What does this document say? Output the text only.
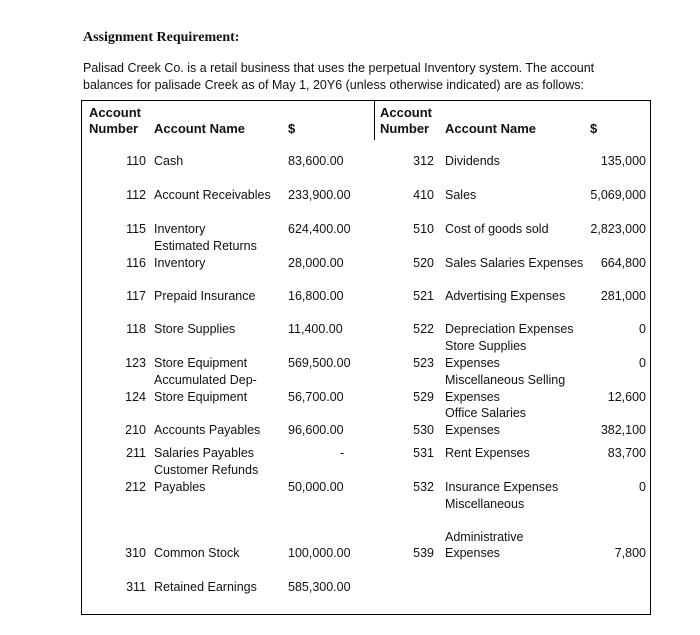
Assignment Requirement:
Palisad Creek Co. is a retail business that uses the perpetual Inventory system. The account balances for palisade Creek as of May 1, 20Y6 (unless otherwise indicated) are as follows:
Account
Number Account Name	$
Account
Number Account Name	$
110 Cash	83,600.00
112 Account Receivables 233,900.00
115 Inventory	624,400.00
Estimated Returns
116 Inventory	28,000.00
117 Prepaid Insurance	16,800.00
118 Store Supplies	11,400.00
123 Store Equipment	569,500.00
Accumulated Dep-
124 Store Equipment	56,700.00
210 Accounts Payables 96,600.00
211 Salaries Payables	-
Customer Refunds
212 Payables	50,000.00
310 Common Stock	100,000.00
311 Retained Earnings 585,300.00
312 Dividends	135,000
410 Sales	5,069,000
510 Cost of goods sold	2,823,000
520 Sales Salaries Expenses 664,800
521 Advertising Expenses	281,000
522 Depreciation Expenses	0
Store Supplies
523 Expenses	0
Miscellaneous Selling
529 Expenses	12,600
Office Salaries
530 Expenses	382,100
531 Rent Expenses	83,700
532 Insurance Expenses	0
Miscellaneous
Administrative
539 Expenses	7,800
